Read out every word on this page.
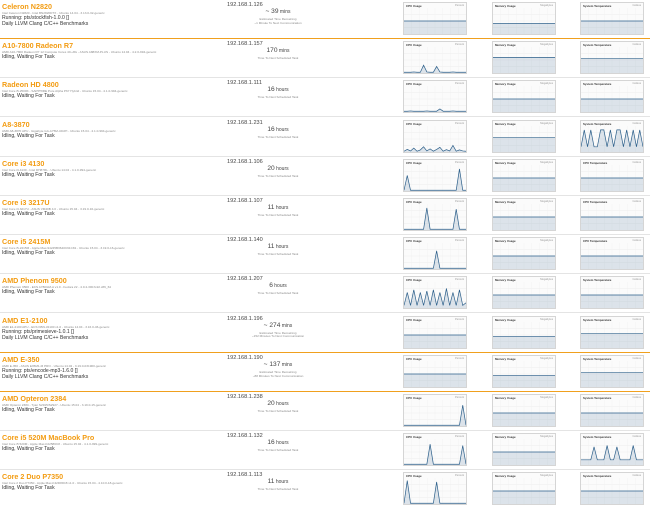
Celeron N2820
Intel Celeron N2820 - Intel BN2820DTX - Ubuntu 14.04 - 3.13.0-32-generic
Running: pts/stockfish-1.0.0 []
Daily LLVM Clang C/C++ Benchmarks
192.168.1.126
~ 39 mins
Estimated Time Remaining
~1 Minute To Next Communication
CPU Usage	Percent	Memory Usage	Megabytes	System Temperature	Celsius
A10-7800 Radeon R7
AMD A10-7800 Radeon R7 12 Compute Cores 4C+8G - ASUS A88XM-PLUS - Ubuntu 14.04 - 4.2.0-994-generic
Idling, Waiting For Task
192.168.1.157
170 mins
Time To Next Scheduled Task
CPU Usage	Percent	Memory Usage	Megabytes	System Temperature	Celsius
Radeon HD 4800
Intel Core i5-2500K - SAPPHIRE Pure Alpha P67 Hybrid - Ubuntu 15.04 - 4.1.0-994-generic
Idling, Waiting For Task
192.168.1.111
16 hours
Time To Next Scheduled Task
CPU Usage	Percent	Memory Usage	Megabytes	System Temperature	Celsius
A8-3870
AMD A8-3870 APU - Gigabyte GA-A75M-UD2H - Ubuntu 15.04 - 4.1.0-994-generic
Idling, Waiting For Task
192.168.1.231
16 hours
Time To Next Scheduled Task
CPU Usage	Percent	Memory Usage	Megabytes	System Temperature	Celsius
Core i3 4130
Intel Core i3-4130 - Intel DH87RL - Ubuntu 14.04 - 4.1.0-994-generic
Idling, Waiting For Task
192.168.1.106
20 hours
Time To Next Scheduled Task
CPU Usage	Percent	Memory Usage	Megabytes	CPU Temperature	Celsius
Core i3 3217U
Intel Core i3-3217U - ASUS VM40B 4.0 - Ubuntu 15.04 - 3.19.0-16-generic
Idling, Waiting For Task
192.168.1.107
11 hours
Time To Next Scheduled Task
CPU Usage	Percent	Memory Usage	Megabytes	CPU Temperature	Celsius
Core i5 2415M
Intel Core i5-2415M - Apple Mac-94245B3640C91C81 - Ubuntu 15.04 - 3.19.0-16-generic
Idling, Waiting For Task
192.168.1.140
11 hours
Time To Next Scheduled Task
CPU Usage	Percent	Memory Usage	Megabytes	CPU Temperature	Celsius
AMD Phenom 9500
AMD Phenom 9500 - ECS A780GM-A v1.0 - Fedora 22 - 4.0.4-300.fc22.x86_64
Idling, Waiting For Task
192.168.1.207
6 hours
Time To Next Scheduled Task
CPU Usage	Percent	Memory Usage	Megabytes	System Temperature	Celsius
AMD E1-2100
AMD E1-2100 APU - ECS KBN-I/2100 v1.0 - Ubuntu 14.04 - 3.16.0-46-generic
Running: pts/primesieve-1.0.1 []
Daily LLVM Clang C/C++ Benchmarks
192.168.1.196
~ 274 mins
Estimated Time Remaining
~152 Minutes To Next Communication
CPU Usage	Percent	Memory Usage	Megabytes	System Temperature	Celsius
AMD E-350
AMD E-350 - ASUS E35M1-M PRO - Ubuntu 14.04 - 3.19.0-031900-generic
Running: pts/encode-mp3-1.6.0 []
Daily LLVM Clang C/C++ Benchmarks
192.168.1.190
~ 137 mins
Estimated Time Remaining
~88 Minutes To Next Communication
CPU Usage	Percent	Memory Usage	Megabytes	System Temperature	Celsius
AMD Opteron 2384
AMD Opteron 2384 - Tyan S2915/S2927 - Ubuntu 15.04 - 3.19.0-15-generic
Idling, Waiting For Task
192.168.1.238
20 hours
Time To Next Scheduled Task
CPU Usage	Percent	Memory Usage	Megabytes	System Temperature	Celsius
Core i5 520M MacBook Pro
Intel Core i5 520M - Apple Mac-F22586C8 - Ubuntu 15.04 - 4.1.0-999-generic
Idling, Waiting For Task
192.168.1.132
16 hours
Time To Next Scheduled Task
CPU Usage	Percent	Memory Usage	Megabytes	System Temperature	Celsius
Core 2 Duo P7350
Intel Core 2 Duo P7350 - Apple Mac-F42D89C8 v1.0 - Ubuntu 15.04 - 4.10.0-18-generic
Idling, Waiting For Task
192.168.1.113
11 hours
Time To Next Scheduled Task
CPU Usage	Percent	Memory Usage	Megabytes	System Temperature	Celsius
